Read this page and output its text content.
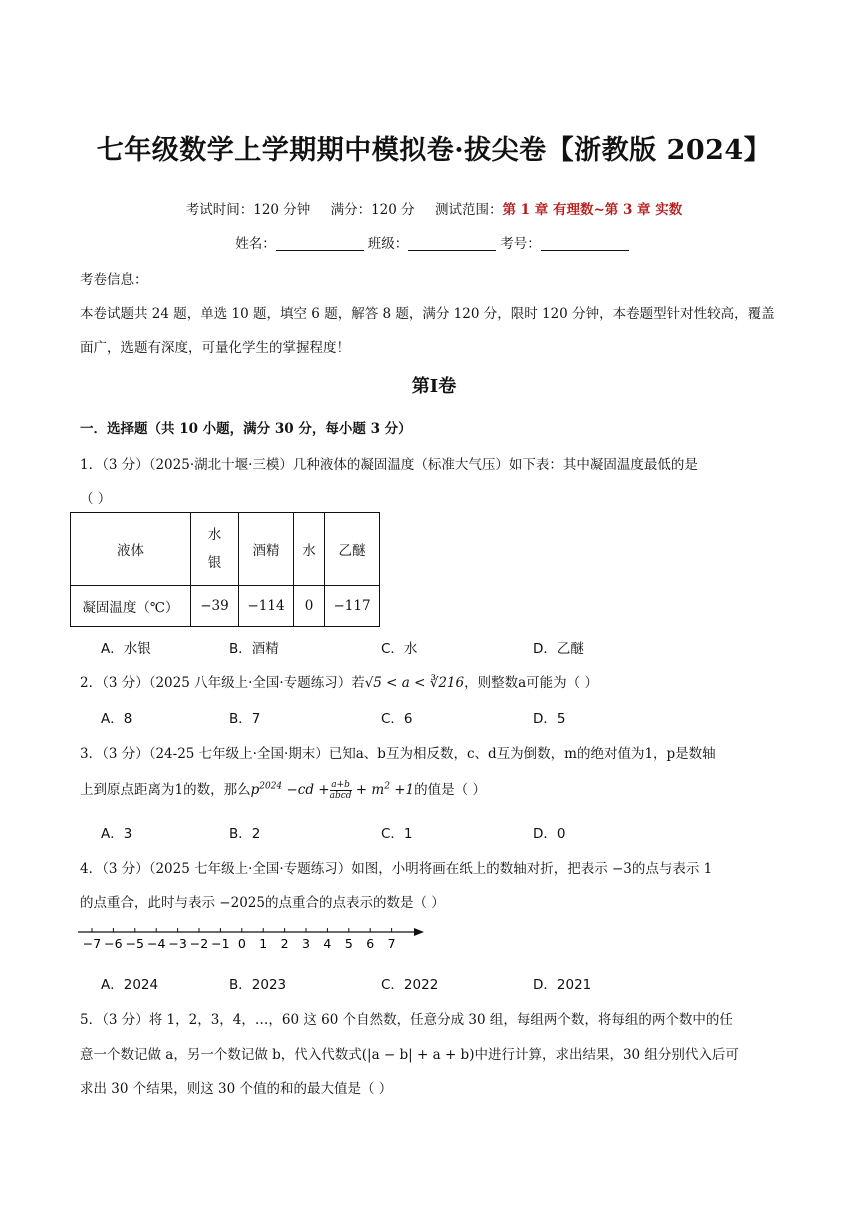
七年级数学上学期期中模拟卷·拔尖卷【浙教版 2024】
考试时间：120 分钟 满分：120 分 测试范围：第 1 章 有理数~第 3 章 实数
姓名：	班级：	考号：
考卷信息：
本卷试题共 24 题，单选 10 题，填空 6 题，解答 8 题，满分 120 分，限时 120 分钟，本卷题型针对性较高，覆盖
面广，选题有深度，可量化学生的掌握程度！
第Ⅰ卷
一．选择题（共 10 小题，满分 30 分，每小题 3 分）
1．（3 分）（2025·湖北十堰·三模）几种液体的凝固温度（标准大气压）如下表：其中凝固温度最低的是
（ ）
液体	水银	酒精	水	乙醚
凝固温度（℃）	−39	−114	0	−117
A．水银	B．酒精	C．水	D．乙醚
2．（3 分）（2025 八年级上·全国·专题练习）若√5 < a < ∛216，则整数a可能为（ ）
A．8	B．7	C．6	D．5
3．（3 分）（24-25 七年级上·全国·期末）已知a、b互为相反数，c、d互为倒数，m的绝对值为1，p是数轴
上到原点距离为1的数，那么$p^{2024} -cd + \frac{a+b}{\text{abcd}} + m^2 +1$的值是（ ）
A．3	B．2	C．1	D．0
4．（3 分）（2025 七年级上·全国·专题练习）如图，小明将画在纸上的数轴对折，把表示 −3的点与表示 1
的点重合，此时与表示 −2025的点重合的点表示的数是（ ）
−7 −6 −5 −4 −3 −2 −1 0 1 2 3 4 5 6 7
A．2024	B．2023	C．2022	D．2021
5．（3 分）将 1，2，3，4，…，60 这 60 个自然数，任意分成 30 组，每组两个数，将每组的两个数中的任
意一个数记做 a，另一个数记做 b，代入代数式(|a − b| + a + b)中进行计算，求出结果，30 组分别代入后可
求出 30 个结果，则这 30 个值的和的最大值是（ ）
